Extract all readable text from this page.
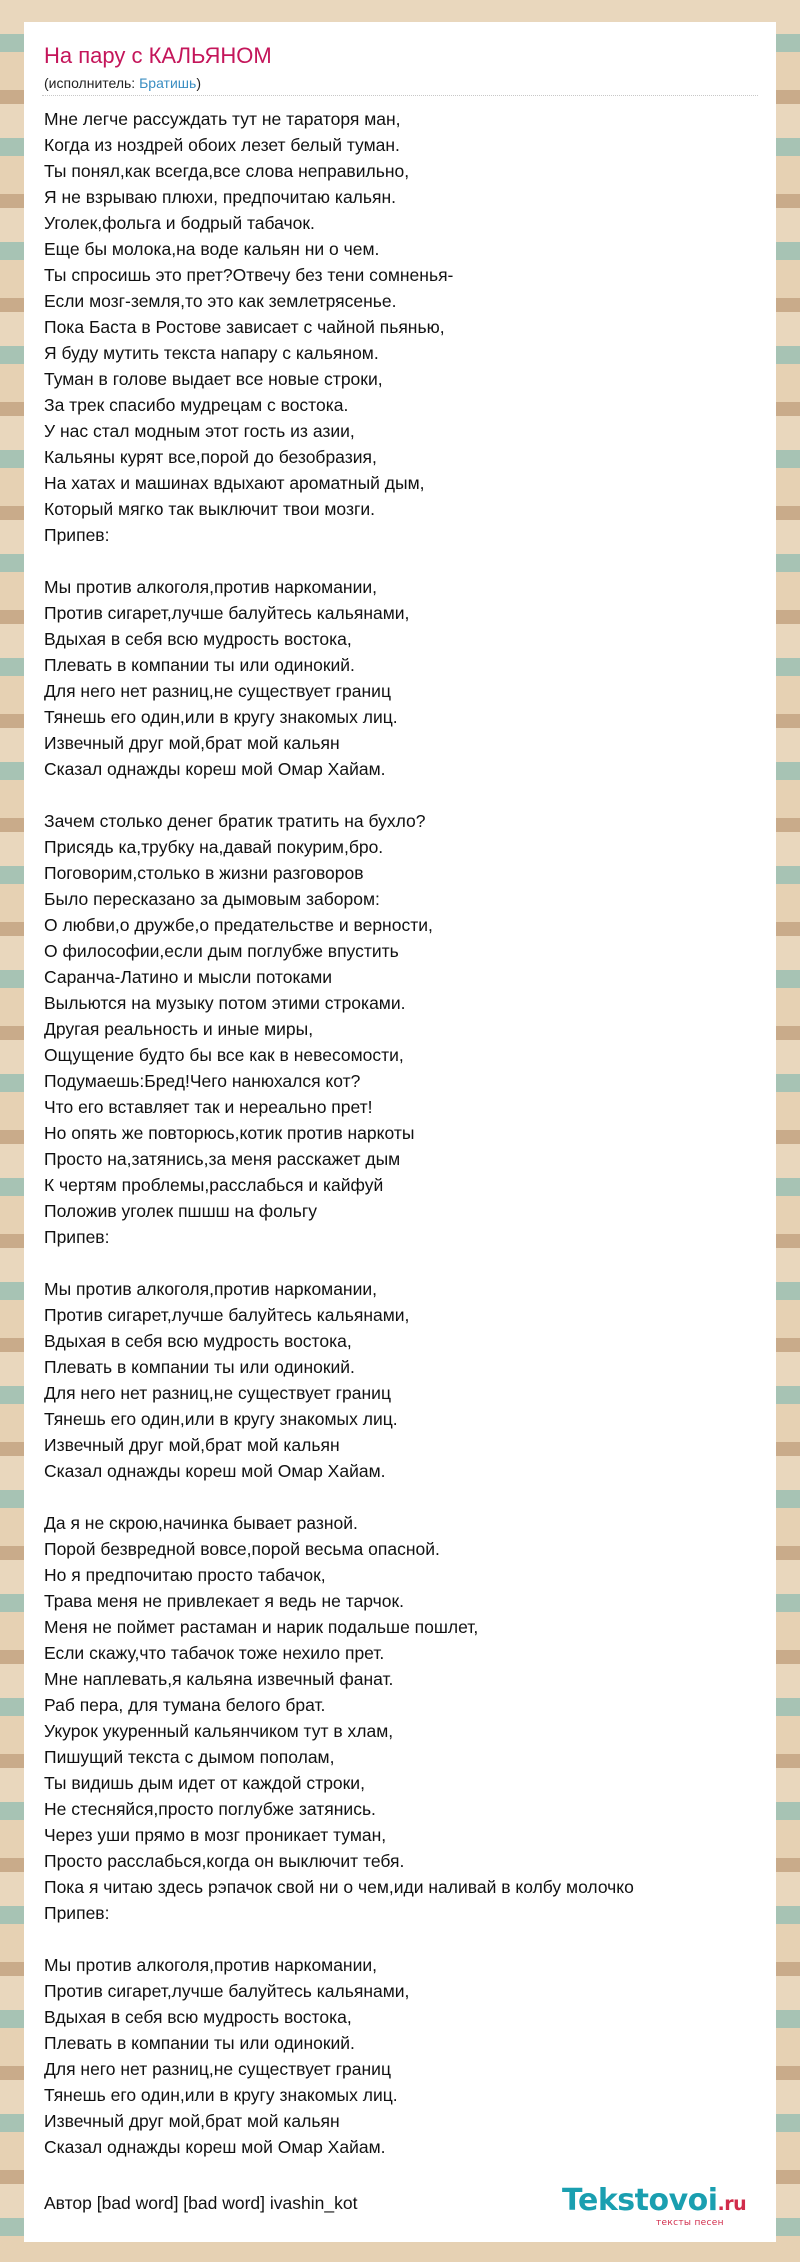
На пару с КАЛЬЯНОМ
(исполнитель: Братишь)
Мне легче рассуждать тут не тараторя ман,
Когда из ноздрей обоих лезет белый туман.
Ты понял,как всегда,все слова неправильно,
Я не взрываю плюхи, предпочитаю кальян.
Уголек,фольга и бодрый табачок.
Еще бы молока,на воде кальян ни о чем.
Ты спросишь это прет?Отвечу без тени сомненья-
Если мозг-земля,то это как землетрясенье.
Пока Баста в Ростове зависает с чайной пьянью,
Я буду мутить текста напару с кальяном.
Туман в голове выдает все новые строки,
За трек спасибо мудрецам с востока.
У нас стал модным этот гость из азии,
Кальяны курят все,порой до безобразия,
На хатах и машинах вдыхают ароматный дым,
Который мягко так выключит твои мозги.
Припев:
Мы против алкоголя,против наркомании,
Против сигарет,лучше балуйтесь кальянами,
Вдыхая в себя всю мудрость востока,
Плевать в компании ты или одинокий.
Для него нет разниц,не существует границ
Тянешь его один,или в кругу знакомых лиц.
Извечный друг мой,брат мой кальян
Сказал однажды кореш мой Омар Хайам.
Зачем столько денег братик тратить на бухло?
Присядь ка,трубку на,давай покурим,бро.
Поговорим,столько в жизни разговоров
Было пересказано за дымовым забором:
О любви,о дружбе,о предательстве и верности,
О философии,если дым поглубже впустить
Саранча-Латино и мысли потоками
Выльются на музыку потом этими строками.
Другая реальность и иные миры,
Ощущение будто бы все как в невесомости,
Подумаешь:Бред!Чего нанюхался кот?
Что его вставляет так и нереально прет!
Но опять же повторюсь,котик против наркоты
Просто на,затянись,за меня расскажет дым
К чертям проблемы,расслабься и кайфуй
Положив уголек пшшш на фольгу
Припев:
Мы против алкоголя,против наркомании,
Против сигарет,лучше балуйтесь кальянами,
Вдыхая в себя всю мудрость востока,
Плевать в компании ты или одинокий.
Для него нет разниц,не существует границ
Тянешь его один,или в кругу знакомых лиц.
Извечный друг мой,брат мой кальян
Сказал однажды кореш мой Омар Хайам.
Да я не скрою,начинка бывает разной.
Порой безвредной вовсе,порой весьма опасной.
Но я предпочитаю просто табачок,
Трава меня не привлекает я ведь не тарчок.
Меня не поймет растаман и нарик подальше пошлет,
Если скажу,что табачок тоже нехило прет.
Мне наплевать,я кальяна извечный фанат.
Раб пера, для тумана белого брат.
Укурок укуренный кальянчиком тут в хлам,
Пишущий текста с дымом пополам,
Ты видишь дым идет от каждой строки,
Не стесняйся,просто поглубже затянись.
Через уши прямо в мозг проникает туман,
Просто расслабься,когда он выключит тебя.
Пока я читаю здесь рэпачок свой ни о чем,иди наливай в колбу молочко
Припев:
Мы против алкоголя,против наркомании,
Против сигарет,лучше балуйтесь кальянами,
Вдыхая в себя всю мудрость востока,
Плевать в компании ты или одинокий.
Для него нет разниц,не существует границ
Тянешь его один,или в кругу знакомых лиц.
Извечный друг мой,брат мой кальян
Сказал однажды кореш мой Омар Хайам.
Автор [bad word] [bad word] ivashin_kot	Tekstovoi.ru
тексты песен
